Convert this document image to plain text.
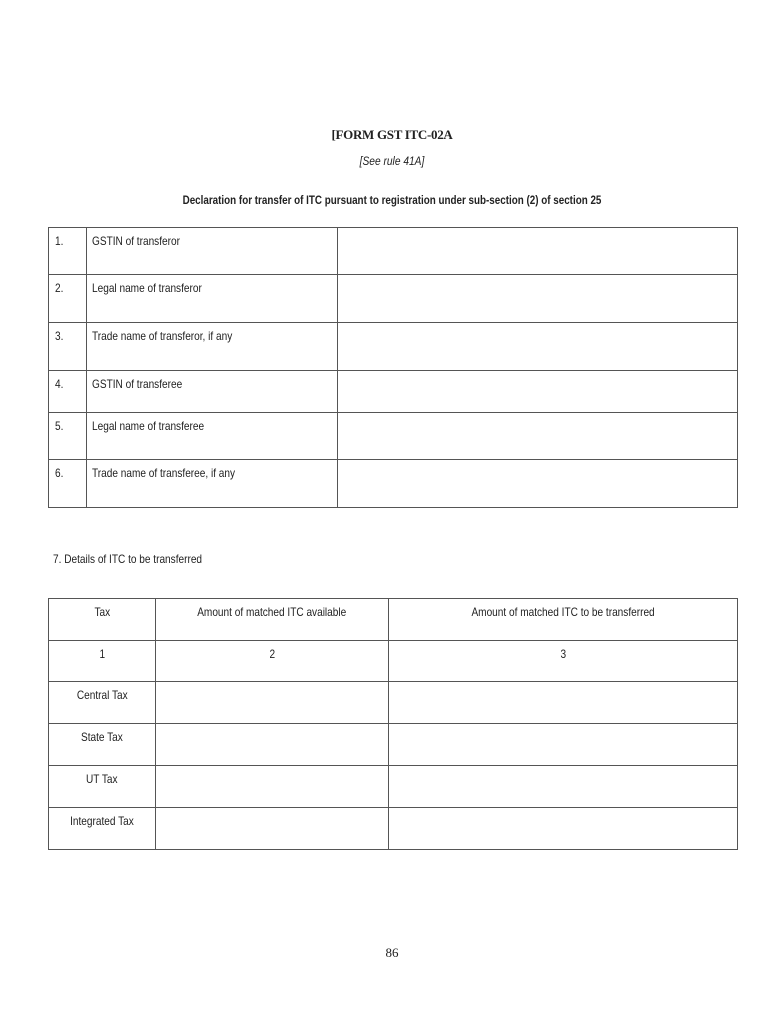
[FORM GST ITC-02A
[See rule 41A]
Declaration for transfer of ITC pursuant to registration under sub-section (2) of section 25
1.	GSTIN of transferor	
2.	Legal name of transferor	
3.	Trade name of transferor, if any	
4.	GSTIN of transferee	
5.	Legal name of transferee	
6.	Trade name of transferee, if any	
7. Details of ITC to be transferred
Tax	Amount of matched ITC available	Amount of matched ITC to be transferred
1	2	3
Central Tax		
State Tax		
UT Tax		
Integrated Tax		
86
